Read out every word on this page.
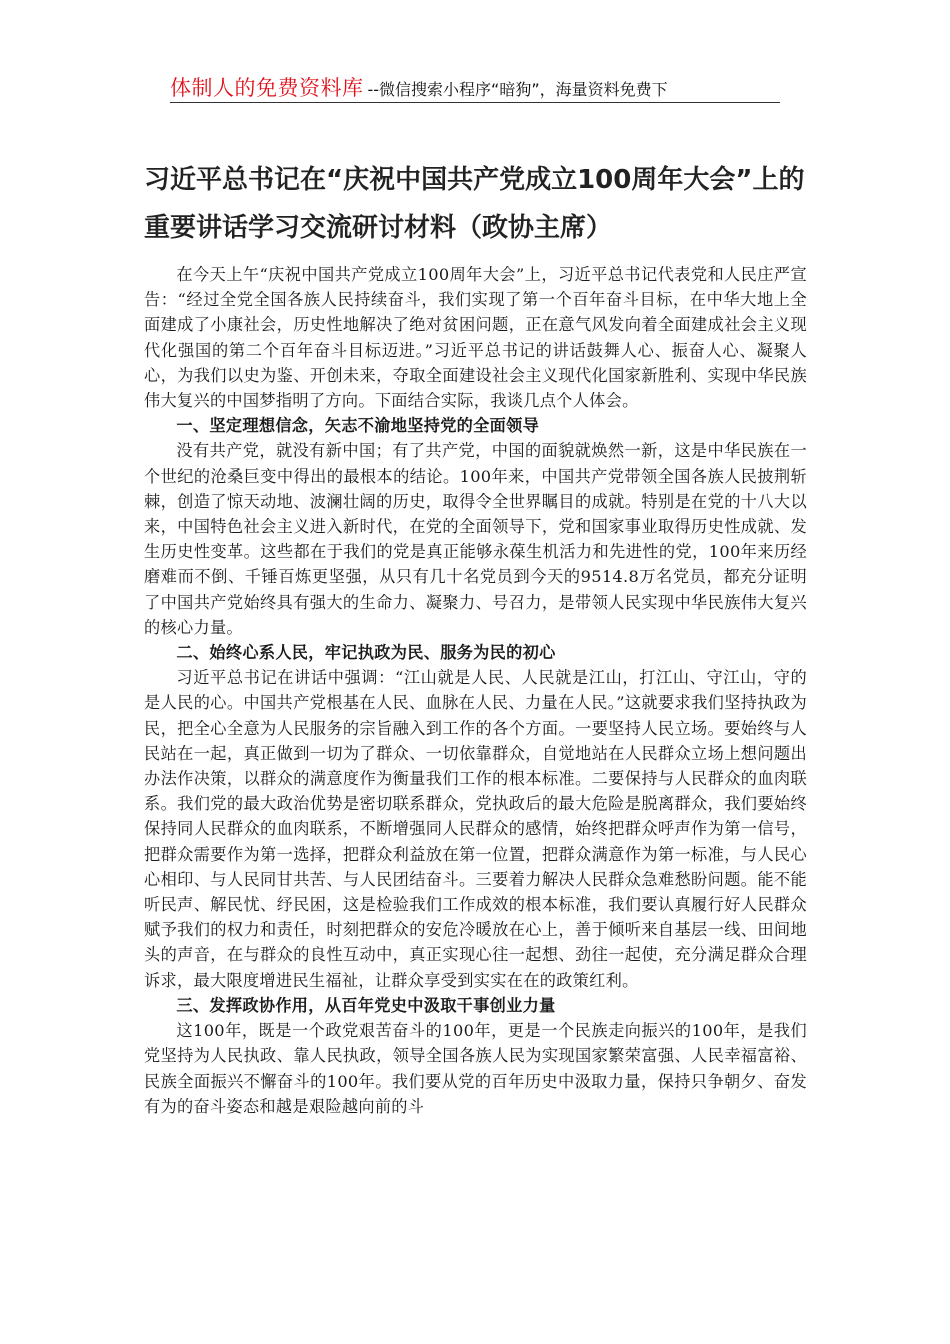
体制人的免费资料库 --微信搜索小程序“暗狗”，海量资料免费下
习近平总书记在“庆祝中国共产党成立100周年大会”上的重要讲话学习交流研讨材料（政协主席）

在今天上午“庆祝中国共产党成立100周年大会”上，习近平总书记代表党和人民庄严宣告：“经过全党全国各族人民持续奋斗，我们实现了第一个百年奋斗目标，在中华大地上全面建成了小康社会，历史性地解决了绝对贫困问题，正在意气风发向着全面建成社会主义现代化强国的第二个百年奋斗目标迈进。”习近平总书记的讲话鼓舞人心、振奋人心、凝聚人心，为我们以史为鉴、开创未来，夺取全面建设社会主义现代化国家新胜利、实现中华民族伟大复兴的中国梦指明了方向。下面结合实际，我谈几点个人体会。

一、坚定理想信念，矢志不渝地坚持党的全面领导

没有共产党，就没有新中国；有了共产党，中国的面貌就焕然一新，这是中华民族在一个世纪的沧桑巨变中得出的最根本的结论。100年来，中国共产党带领全国各族人民披荆斩棘，创造了惊天动地、波澜壮阔的历史，取得令全世界瞩目的成就。特别是在党的十八大以来，中国特色社会主义进入新时代，在党的全面领导下，党和国家事业取得历史性成就、发生历史性变革。这些都在于我们的党是真正能够永葆生机活力和先进性的党，100年来历经磨难而不倒、千锤百炼更坚强，从只有几十名党员到今天的9514.8万名党员，都充分证明了中国共产党始终具有强大的生命力、凝聚力、号召力，是带领人民实现中华民族伟大复兴的核心力量。

二、始终心系人民，牢记执政为民、服务为民的初心

习近平总书记在讲话中强调：“江山就是人民、人民就是江山，打江山、守江山，守的是人民的心。中国共产党根基在人民、血脉在人民、力量在人民。”这就要求我们坚持执政为民，把全心全意为人民服务的宗旨融入到工作的各个方面。一要坚持人民立场。要始终与人民站在一起，真正做到一切为了群众、一切依靠群众，自觉地站在人民群众立场上想问题出办法作决策，以群众的满意度作为衡量我们工作的根本标准。二要保持与人民群众的血肉联系。我们党的最大政治优势是密切联系群众，党执政后的最大危险是脱离群众，我们要始终保持同人民群众的血肉联系，不断增强同人民群众的感情，始终把群众呼声作为第一信号，把群众需要作为第一选择，把群众利益放在第一位置，把群众满意作为第一标准，与人民心心相印、与人民同甘共苦、与人民团结奋斗。三要着力解决人民群众急难愁盼问题。能不能听民声、解民忧、纾民困，这是检验我们工作成效的根本标准，我们要认真履行好人民群众赋予我们的权力和责任，时刻把群众的安危冷暖放在心上，善于倾听来自基层一线、田间地头的声音，在与群众的良性互动中，真正实现心往一起想、劲往一起使，充分满足群众合理诉求，最大限度增进民生福祉，让群众享受到实实在在的政策红利。

三、发挥政协作用，从百年党史中汲取干事创业力量

这100年，既是一个政党艰苦奋斗的100年，更是一个民族走向振兴的100年，是我们党坚持为人民执政、靠人民执政，领导全国各族人民为实现国家繁荣富强、人民幸福富裕、民族全面振兴不懈奋斗的100年。我们要从党的百年历史中汲取力量，保持只争朝夕、奋发有为的奋斗姿态和越是艰险越向前的斗
